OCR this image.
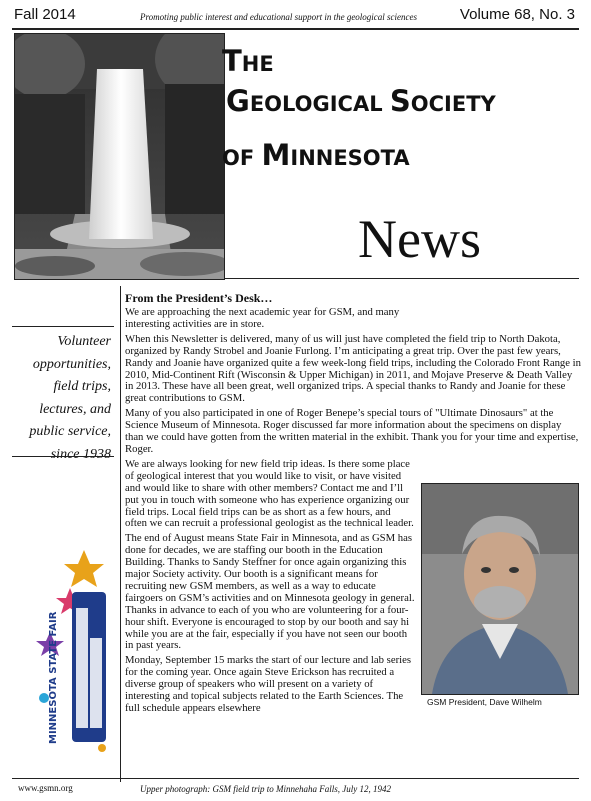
Fall 2014	Promoting public interest and educational support in the geological sciences	Volume 68, No. 3
THE
GEOLOGICAL SOCIETY
OF MINNESOTA
News
Volunteer opportunities, field trips, lectures, and public service, since 1938
MINNESOTA STATE FAIR
From the President’s Desk…

We are approaching the next academic year for GSM, and many interesting activities are in store.

When this Newsletter is delivered, many of us will just have completed the field trip to North Dakota, organized by Randy Strobel and Joanie Furlong. I’m anticipating a great trip. Over the past few years, Randy and Joanie have organized quite a few week-long field trips, including the Colorado Front Range in 2010, Mid-Continent Rift (Wisconsin & Upper Michigan) in 2011, and Mojave Preserve & Death Valley in 2013. These have all been great, well organized trips. A special thanks to Randy and Joanie for these great contributions to GSM.

Many of you also participated in one of Roger Benepe’s special tours of "Ultimate Dinosaurs" at the Science Museum of Minnesota. Roger discussed far more information about the specimens on display than we could have gotten from the written material in the exhibit. Thank you for your time and expertise, Roger.

GSM President, Dave Wilhelm

We are always looking for new field trip ideas. Is there some place of geological interest that you would like to visit, or have visited and would like to share with other members? Contact me and I’ll put you in touch with someone who has experience organizing our field trips. Local field trips can be as short as a few hours, and often we can recruit a professional geologist as the technical leader.

The end of August means State Fair in Minnesota, and as GSM has done for decades, we are staffing our booth in the Education Building. Thanks to Sandy Steffner for once again organizing this major Society activity. Our booth is a significant means for recruiting new GSM members, as well as a way to educate fairgoers on GSM’s activities and on Minnesota geology in general. Thanks in advance to each of you who are volunteering for a four-hour shift. Everyone is encouraged to stop by our booth and say hi while you are at the fair, especially if you have not seen our booth in past years.

Monday, September 15 marks the start of our lecture and lab series for the coming year. Once again Steve Erickson has recruited a diverse group of speakers who will present on a variety of interesting and topical subjects related to the Earth Sciences. The full schedule appears elsewhere

www.gsmn.org	Upper photograph: GSM field trip to Minnehaha Falls, July 12, 1942
